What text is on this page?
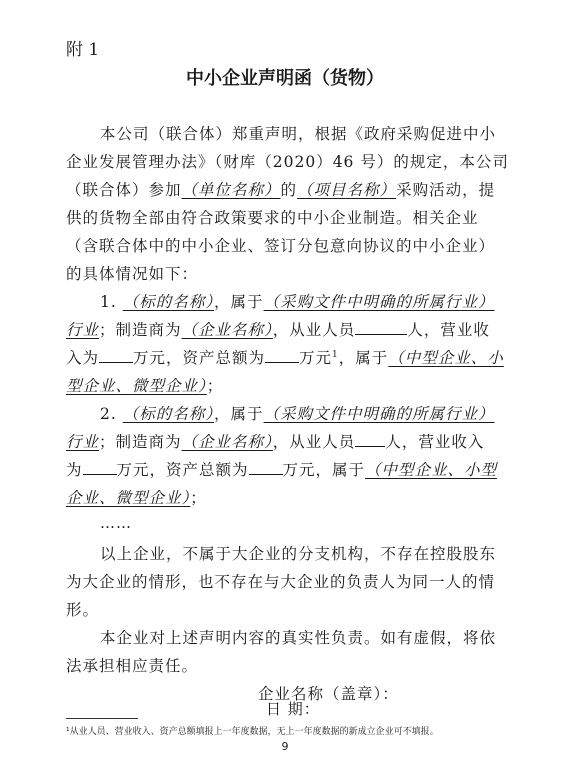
附 1
中小企业声明函（货物）
本公司（联合体）郑重声明，根据《政府采购促进中小
企业发展管理办法》（财库（2020）46 号）的规定，本公司
（联合体）参加（单位名称）的（项目名称）采购活动，提
供的货物全部由符合政策要求的中小企业制造。相关企业
（含联合体中的中小企业、签订分包意向协议的中小企业）
的具体情况如下：
1. （标的名称），属于（采购文件中明确的所属行业）
行业；制造商为（企业名称），从业人员	人，营业收
入为 万元，资产总额为 万元$^1$，属于（中型企业、小
型企业、微型企业）；
2. （标的名称），属于（采购文件中明确的所属行业）
行业；制造商为（企业名称），从业人员 人，营业收入
为 万元，资产总额为 万元，属于（中型企业、小型
企业、微型企业）；
……
以上企业，不属于大企业的分支机构，不存在控股股东
为大企业的情形，也不存在与大企业的负责人为同一人的情
形。
本企业对上述声明内容的真实性负责。如有虚假，将依
法承担相应责任。
企业名称（盖章）：
日 期：
¹从业人员、营业收入、资产总额填报上一年度数据，无上一年度数据的新成立企业可不填报。
9
